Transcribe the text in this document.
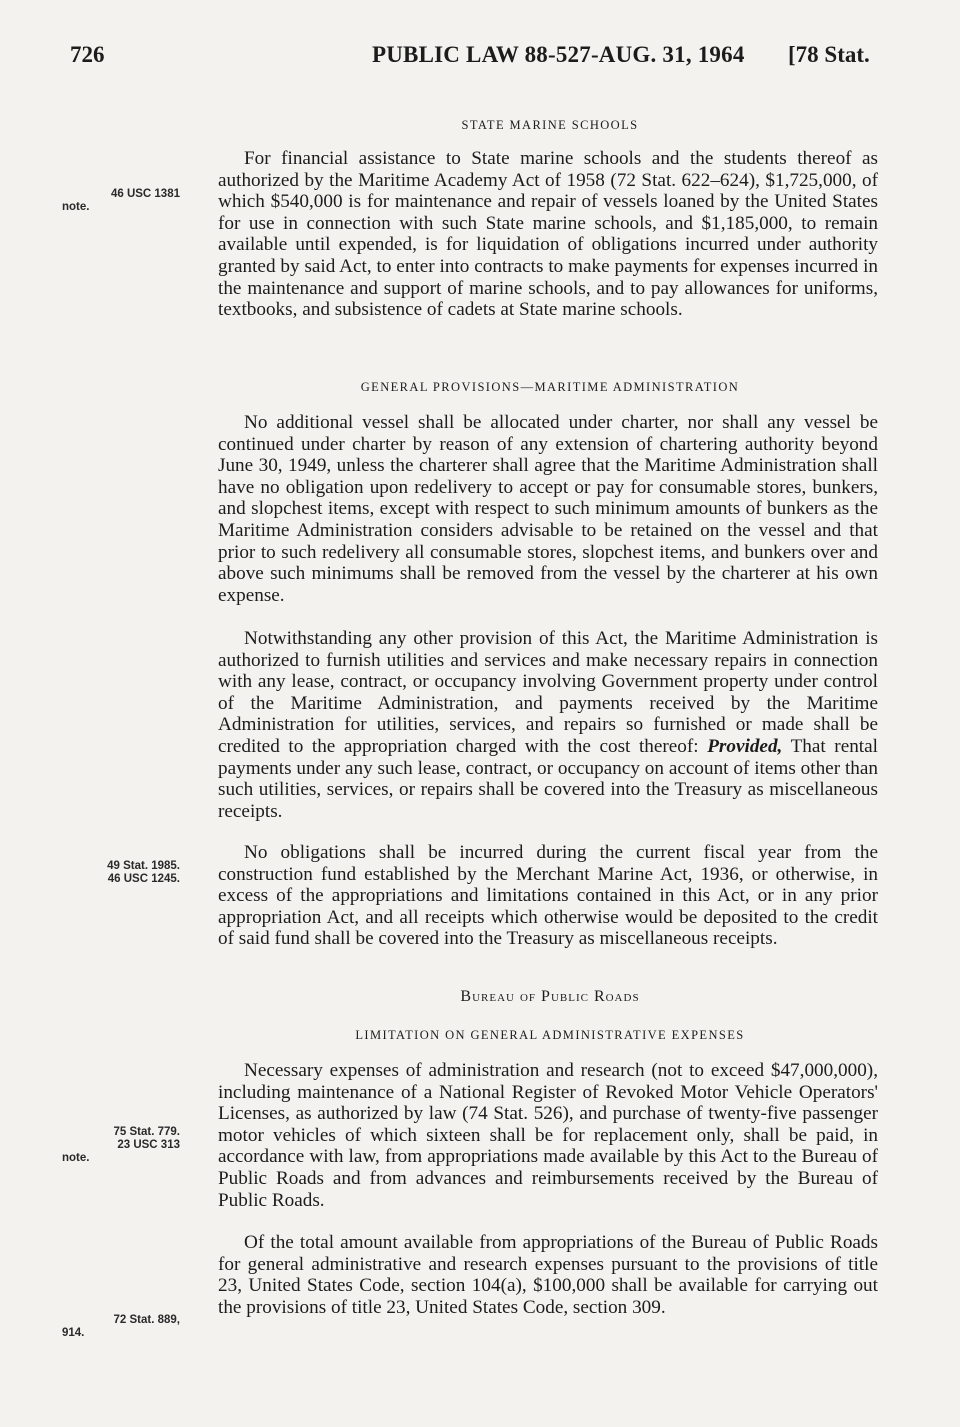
726	PUBLIC LAW 88-527-AUG. 31, 1964 [78 Stat.
STATE MARINE SCHOOLS

For financial assistance to State marine schools and the students thereof as authorized by the Maritime Academy Act of 1958 (72 Stat. 622–624), $1,725,000, of which $540,000 is for maintenance and repair of vessels loaned by the United States for use in connection with such State marine schools, and $1,185,000, to remain available until expended, is for liquidation of obligations incurred under authority granted by said Act, to enter into contracts to make payments for expenses incurred in the maintenance and support of marine schools, and to pay allowances for uniforms, textbooks, and subsistence of cadets at State marine schools.

46 USC 1381
note.
GENERAL PROVISIONS—MARITIME ADMINISTRATION

No additional vessel shall be allocated under charter, nor shall any vessel be continued under charter by reason of any extension of chartering authority beyond June 30, 1949, unless the charterer shall agree that the Maritime Administration shall have no obligation upon redelivery to accept or pay for consumable stores, bunkers, and slopchest items, except with respect to such minimum amounts of bunkers as the Maritime Administration considers advisable to be retained on the vessel and that prior to such redelivery all consumable stores, slopchest items, and bunkers over and above such minimums shall be removed from the vessel by the charterer at his own expense.

Notwithstanding any other provision of this Act, the Maritime Administration is authorized to furnish utilities and services and make necessary repairs in connection with any lease, contract, or occupancy involving Government property under control of the Maritime Administration, and payments received by the Maritime Administration for utilities, services, and repairs so furnished or made shall be credited to the appropriation charged with the cost thereof: Provided, That rental payments under any such lease, contract, or occupancy on account of items other than such utilities, services, or repairs shall be covered into the Treasury as miscellaneous receipts.

No obligations shall be incurred during the current fiscal year from the construction fund established by the Merchant Marine Act, 1936, or otherwise, in excess of the appropriations and limitations contained in this Act, or in any prior appropriation Act, and all receipts which otherwise would be deposited to the credit of said fund shall be covered into the Treasury as miscellaneous receipts.

49 Stat. 1985.
46 USC 1245.
Bureau of Public Roads
LIMITATION ON GENERAL ADMINISTRATIVE EXPENSES

Necessary expenses of administration and research (not to exceed $47,000,000), including maintenance of a National Register of Revoked Motor Vehicle Operators' Licenses, as authorized by law (74 Stat. 526), and purchase of twenty-five passenger motor vehicles of which sixteen shall be for replacement only, shall be paid, in accordance with law, from appropriations made available by this Act to the Bureau of Public Roads and from advances and reimbursements received by the Bureau of Public Roads.

75 Stat. 779.
23 USC 313
note.

Of the total amount available from appropriations of the Bureau of Public Roads for general administrative and research expenses pursuant to the provisions of title 23, United States Code, section 104(a), $100,000 shall be available for carrying out the provisions of title 23, United States Code, section 309.

72 Stat. 889,
914.
